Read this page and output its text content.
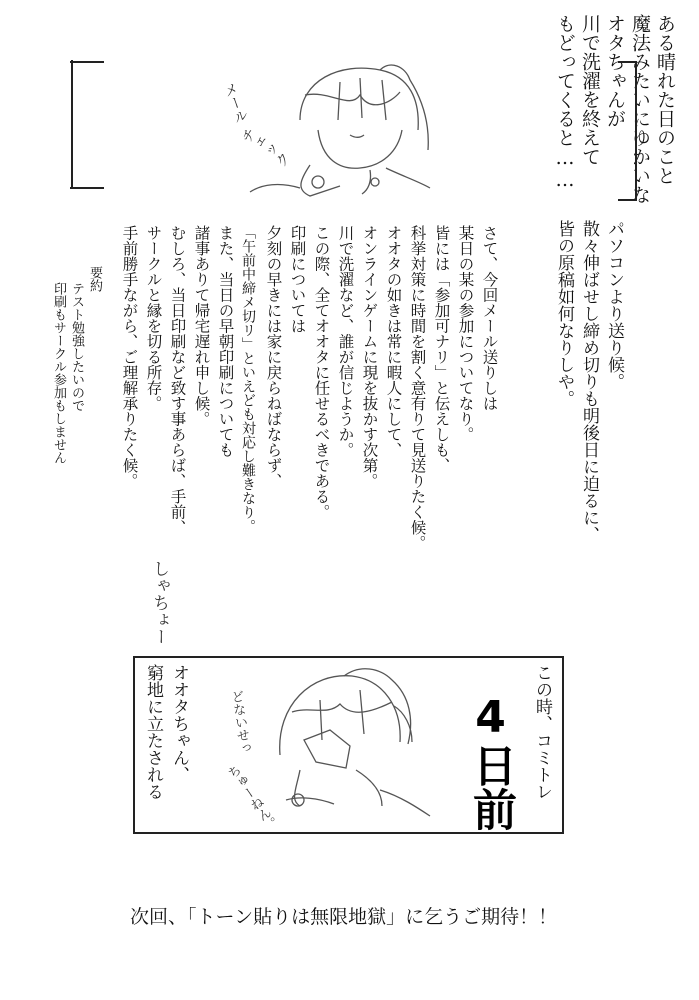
ある晴れた日のこと
魔法みたいにゆかいな
オタちゃんが
川で洗濯を終えて
もどってくると……
メール
チェック
パソコンより送り候。
散々伸ばせし締め切りも明後日に迫るに、
皆の原稿如何なりしや。
さて、今回メール送りしは
某日の某の参加についてなり。
皆には「参加可ナリ」と伝えしも、
科挙対策に時間を割く意有りて見送りたく候。
オオタの如きは常に暇人にして、
オンラインゲームに現を抜かす次第。
川で洗濯など、誰が信じようか。
この際、全てオオタに任せるべきである。
印刷については
夕刻の早きには家に戻らねばならず、
「午前中締メ切リ」といえども対応し難きなり。
また、当日の早朝印刷についても
諸事ありて帰宅遅れ申し候。
むしろ、当日印刷など致す事あらば、手前、
サークルと縁を切る所存。
手前勝手ながら、ご理解承りたく候。
しゃちょー
要約
テスト勉強したいので
印刷もサークル参加もしません
この時、コミトレ
4日前
オオタちゃん、
窮地に立たされる	どないせっ
ちゅーねん。
次回、「トーン貼りは無限地獄」に乞うご期待！！
